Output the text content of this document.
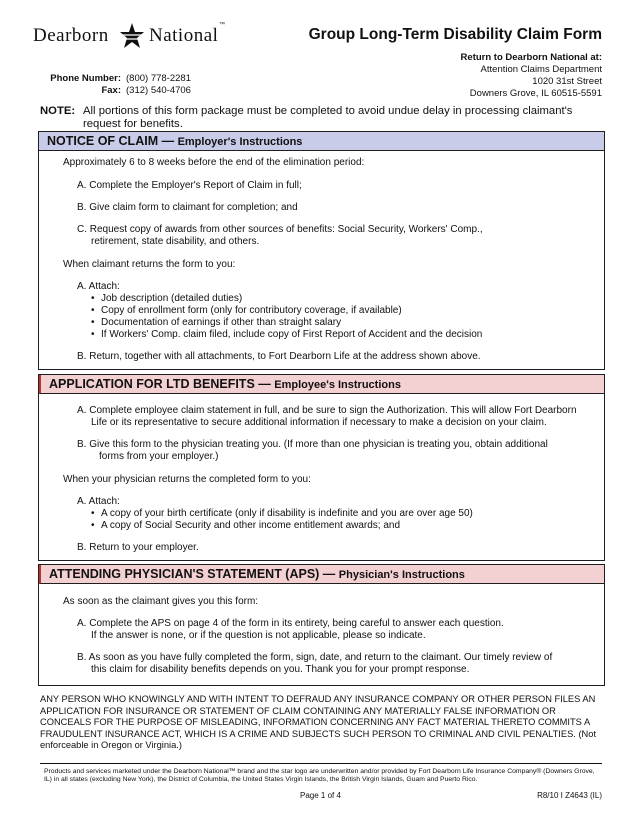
Dearborn National ™
Group Long-Term Disability Claim Form
Return to Dearborn National at:
Attention Claims Department
1020 31st Street
Downers Grove, IL 60515-5591
Phone Number: (800) 778-2281
Fax: (312) 540-4706
NOTE: All portions of this form package must be completed to avoid undue delay in processing claimant's request for benefits.
NOTICE OF CLAIM — Employer's Instructions
Approximately 6 to 8 weeks before the end of the elimination period:
A. Complete the Employer's Report of Claim in full;
B. Give claim form to claimant for completion; and
C. Request copy of awards from other sources of benefits: Social Security, Workers' Comp.,
retirement, state disability, and others.
When claimant returns the form to you:
A. Attach:
• Job description (detailed duties)
• Copy of enrollment form (only for contributory coverage, if available)
• Documentation of earnings if other than straight salary
• If Workers' Comp. claim filed, include copy of First Report of Accident and the decision
B. Return, together with all attachments, to Fort Dearborn Life at the address shown above.
APPLICATION FOR LTD BENEFITS — Employee's Instructions
A. Complete employee claim statement in full, and be sure to sign the Authorization. This will allow Fort Dearborn
Life or its representative to secure additional information if necessary to make a decision on your claim.
B. Give this form to the physician treating you. (If more than one physician is treating you, obtain additional
forms from your employer.)
When your physician returns the completed form to you:
A. Attach:
• A copy of your birth certificate (only if disability is indefinite and you are over age 50)
• A copy of Social Security and other income entitlement awards; and
B. Return to your employer.
ATTENDING PHYSICIAN'S STATEMENT (APS) — Physician's Instructions
As soon as the claimant gives you this form:
A. Complete the APS on page 4 of the form in its entirety, being careful to answer each question.
If the answer is none, or if the question is not applicable, please so indicate.
B. As soon as you have fully completed the form, sign, date, and return to the claimant. Our timely review of
this claim for disability benefits depends on you. Thank you for your prompt response.
ANY PERSON WHO KNOWINGLY AND WITH INTENT TO DEFRAUD ANY INSURANCE COMPANY OR OTHER PERSON FILES AN APPLICATION FOR INSURANCE OR STATEMENT OF CLAIM CONTAINING ANY MATERIALLY FALSE INFORMATION OR CONCEALS FOR THE PURPOSE OF MISLEADING, INFORMATION CONCERNING ANY FACT MATERIAL THERETO COMMITS A FRAUDULENT INSURANCE ACT, WHICH IS A CRIME AND SUBJECTS SUCH PERSON TO CRIMINAL AND CIVIL PENALTIES. (Not enforceable in Oregon or Virginia.)
Products and services marketed under the Dearborn National™ brand and the star logo are underwritten and/or provided by Fort Dearborn Life Insurance Company® (Downers Grove, IL) in all states (excluding New York), the District of Columbia, the United States Virgin Islands, the British Virgin Islands, Guam and Puerto Rico.
Page 1 of 4	R8/10 I Z4643 (IL)
